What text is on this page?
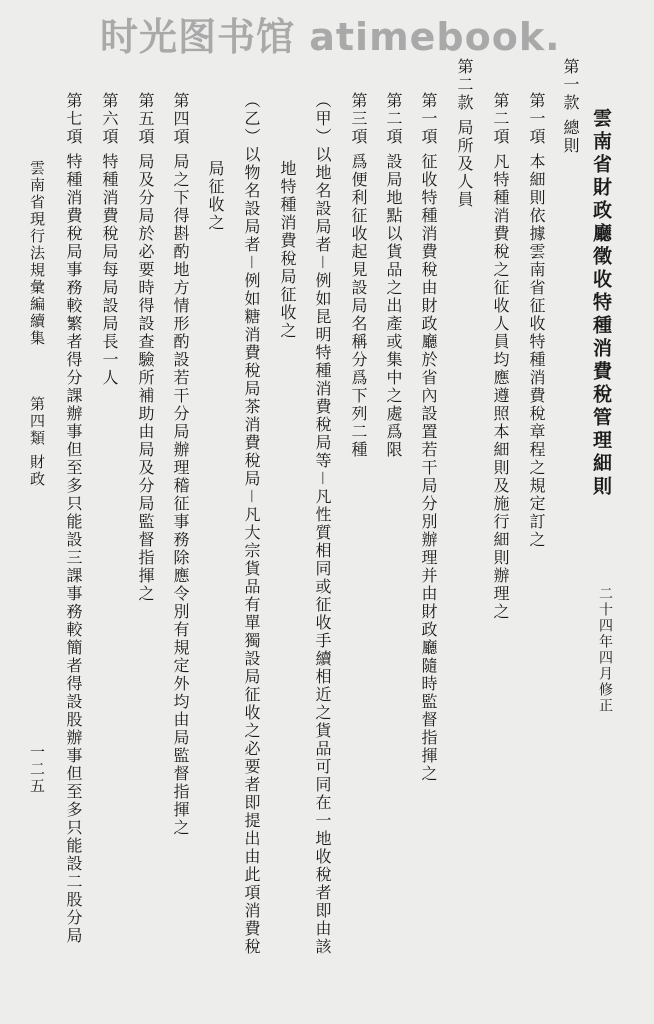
时光图书馆 atimebook.
雲南省財政廳徵收特種消費稅管理細則
二十四年四月修正
第一款 總則
第一項 本細則依據雲南省征收特種消費稅章程之規定訂之
第二項 凡特種消費稅之征收人員均應遵照本細則及施行細則辦理之
第二款 局所及人員
第一項 征收特種消費稅由財政廳於省內設置若干局分別辦理并由財政廳隨時監督指揮之
第二項 設局地點以貨品之出產或集中之處爲限
第三項 爲便利征收起見設局名稱分爲下列二種
（甲）以地名設局者－例如昆明特種消費稅局等－凡性質相同或征收手續相近之貨品可同在一地收稅者即由該
地特種消費稅局征收之
（乙）以物名設局者－例如糖消費稅局茶消費稅局－凡大宗貨品有單獨設局征收之必要者即提出由此項消費稅
局征收之
第四項 局之下得斟酌地方情形酌設若干分局辦理稽征事務除應令別有規定外均由局監督指揮之
第五項 局及分局於必要時得設查驗所補助由局及分局監督指揮之
第六項 特種消費稅局每局設局長一人
第七項 特種消費稅局事務較繁者得分課辦事但至多只能設三課事務較簡者得設股辦事但至多只能設二股分局
雲南省現行法規彙編續集
第四類 財政
一二五
